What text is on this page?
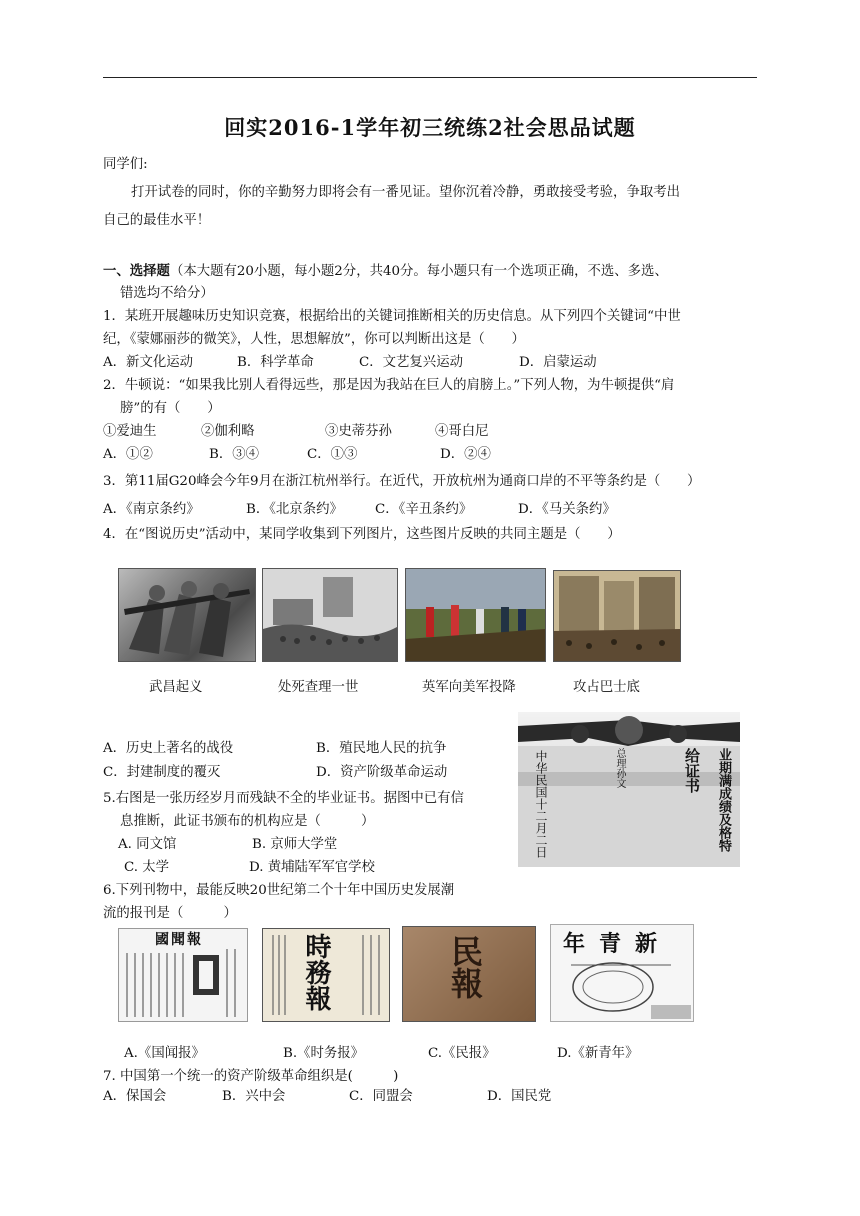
回实2016-1学年初三统练2社会思品试题
同学们:
打开试卷的同时，你的辛勤努力即将会有一番见证。望你沉着冷静，勇敢接受考验，争取考出
自己的最佳水平！
一、选择题（本大题有20小题，每小题2分，共40分。每小题只有一个选项正确，不选、多选、
错选均不给分）
1．某班开展趣味历史知识竞赛，根据给出的关键词推断相关的历史信息。从下列四个关键词“中世
纪，《蒙娜丽莎的微笑》，人性，思想解放”，你可以判断出这是（　　）
A．新文化运动	B．科学革命	C．文艺复兴运动	D．启蒙运动
2．牛顿说：“如果我比别人看得远些，那是因为我站在巨人的肩膀上。”下列人物，为牛顿提供“肩
膀”的有（　　）
①爱迪生	②伽利略	③史蒂芬孙	④哥白尼
A．①②	B．③④	C．①③	D．②④
3．第11届G20峰会今年9月在浙江杭州举行。在近代，开放杭州为通商口岸的不平等条约是（　　）
A．《南京条约》	B．《北京条约》 C．《辛丑条约》	D．《马关条约》
4．在“图说历史”活动中，某同学收集到下列图片，这些图片反映的共同主题是（　　）
武昌起义	处死查理一世	英军向美军投降	攻占巴士底
A．历史上著名的战役	B．殖民地人民的抗争
C．封建制度的覆灭	D．资产阶级革命运动	中华民国十二月二日	总理孙文	给证书 业期满成绩及格特
5.右图是一张历经岁月而残缺不全的毕业证书。据图中已有信
息推断，此证书颁布的机构应是（　　　）
A. 同文馆	B. 京师大学堂
C. 太学	D. 黄埔陆军军官学校
6.下列刊物中，最能反映20世纪第二个十年中国历史发展潮
流的报刊是（　　　）
國聞報	時務報	民報	新青年
A.《国闻报》	B.《时务报》	C.《民报》	D.《新青年》
7. 中国第一个统一的资产阶级革命组织是(　　　)
A．保国会	B．兴中会	C．同盟会	D．国民党
